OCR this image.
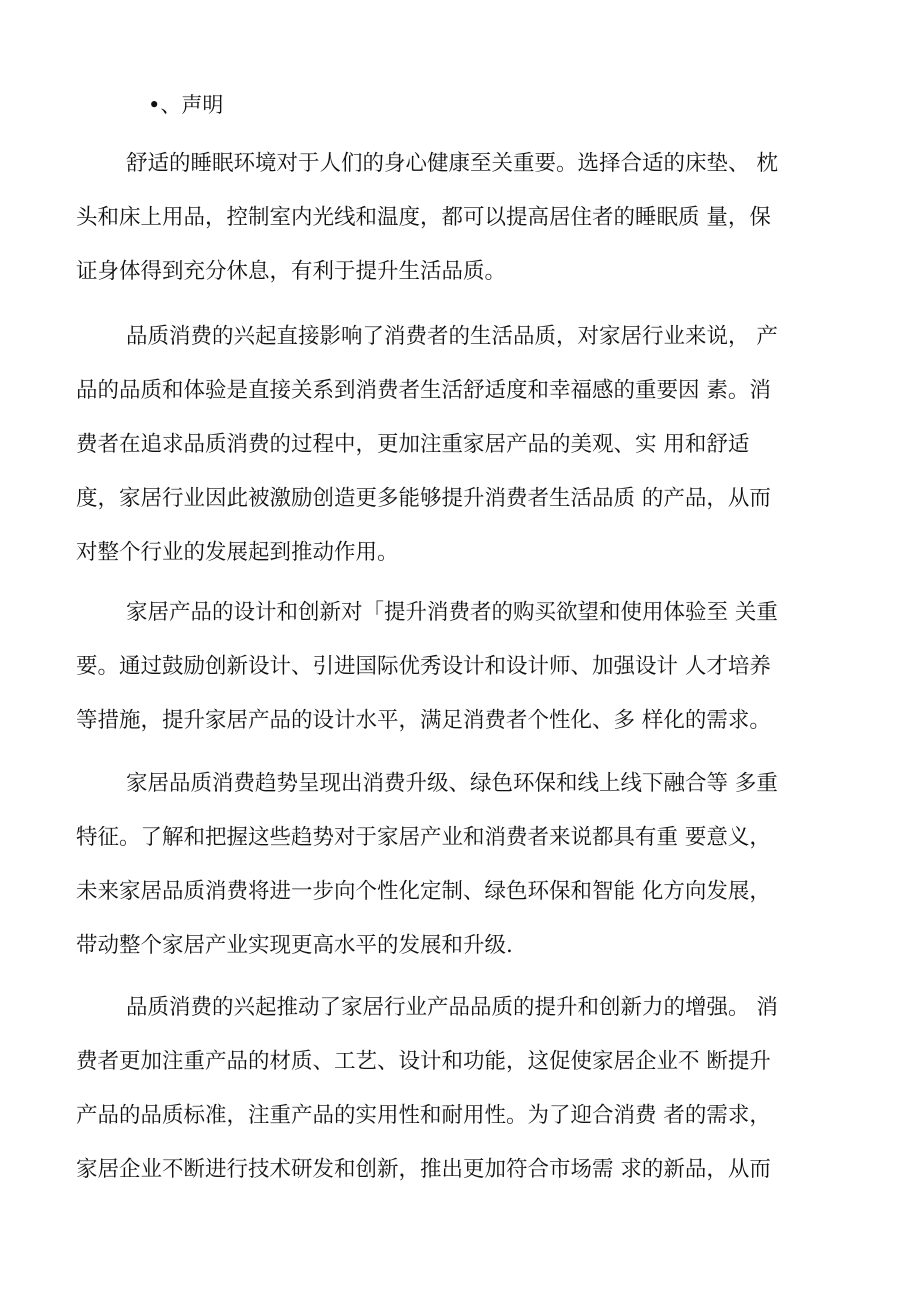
•、声明
舒适的睡眠环境对于人们的身心健康至关重要。选择合适的床垫、 枕
头和床上用品，控制室内光线和温度，都可以提高居住者的睡眠质 量，保
证身体得到充分休息，有利于提升生活品质。
品质消费的兴起直接影响了消费者的生活品质，对家居行业来说， 产
品的品质和体验是直接关系到消费者生活舒适度和幸福感的重要因 素。消
费者在追求品质消费的过程中，更加注重家居产品的美观、实 用和舒适
度，家居行业因此被激励创造更多能够提升消费者生活品质 的产品，从而
对整个行业的发展起到推动作用。
家居产品的设计和创新对「提升消费者的购买欲望和使用体验至 关重
要。通过鼓励创新设计、引进国际优秀设计和设计师、加强设计 人才培养
等措施，提升家居产品的设计水平，满足消费者个性化、多 样化的需求。
家居品质消费趋势呈现出消费升级、绿色环保和线上线下融合等 多重
特征。了解和把握这些趋势对于家居产业和消费者来说都具有重 要意义，
未来家居品质消费将进一步向个性化定制、绿色环保和智能 化方向发展，
带动整个家居产业实现更高水平的发展和升级.
品质消费的兴起推动了家居行业产品品质的提升和创新力的增强。 消
费者更加注重产品的材质、工艺、设计和功能，这促使家居企业不 断提升
产品的品质标准，注重产品的实用性和耐用性。为了迎合消费 者的需求，
家居企业不断进行技术研发和创新，推出更加符合市场需 求的新品，从而
